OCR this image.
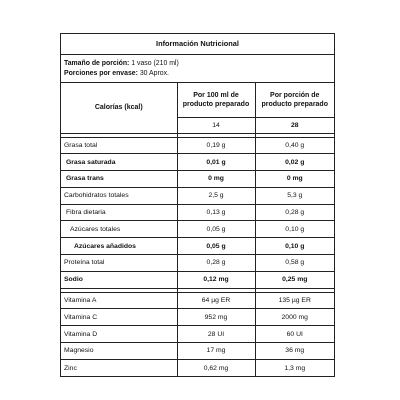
Información Nutricional
Tamaño de porción: 1 vaso (210 ml)
Porciones por envase: 30 Aprox.
Calorías (kcal)	Por 100 ml de producto preparado	Por porción de producto preparado
	14	28

Grasa total	0,19 g	0,40 g
Grasa saturada	0,01 g	0,02 g
Grasa trans	0 mg	0 mg
Carbohidratos totales	2,5 g	5,3 g
Fibra dietaria	0,13 g	0,28 g
Azúcares totales	0,05 g	0,10 g
Azúcares añadidos	0,05 g	0,10 g
Proteína total	0,28 g	0,58 g
Sodio	0,12 mg	0,25 mg

Vitamina A	64 µg ER	135 µg ER
Vitamina C	952 mg	2000 mg
Vitamina D	28 UI	60 UI
Magnesio	17 mg	36 mg
Zinc	0,62 mg	1,3 mg
